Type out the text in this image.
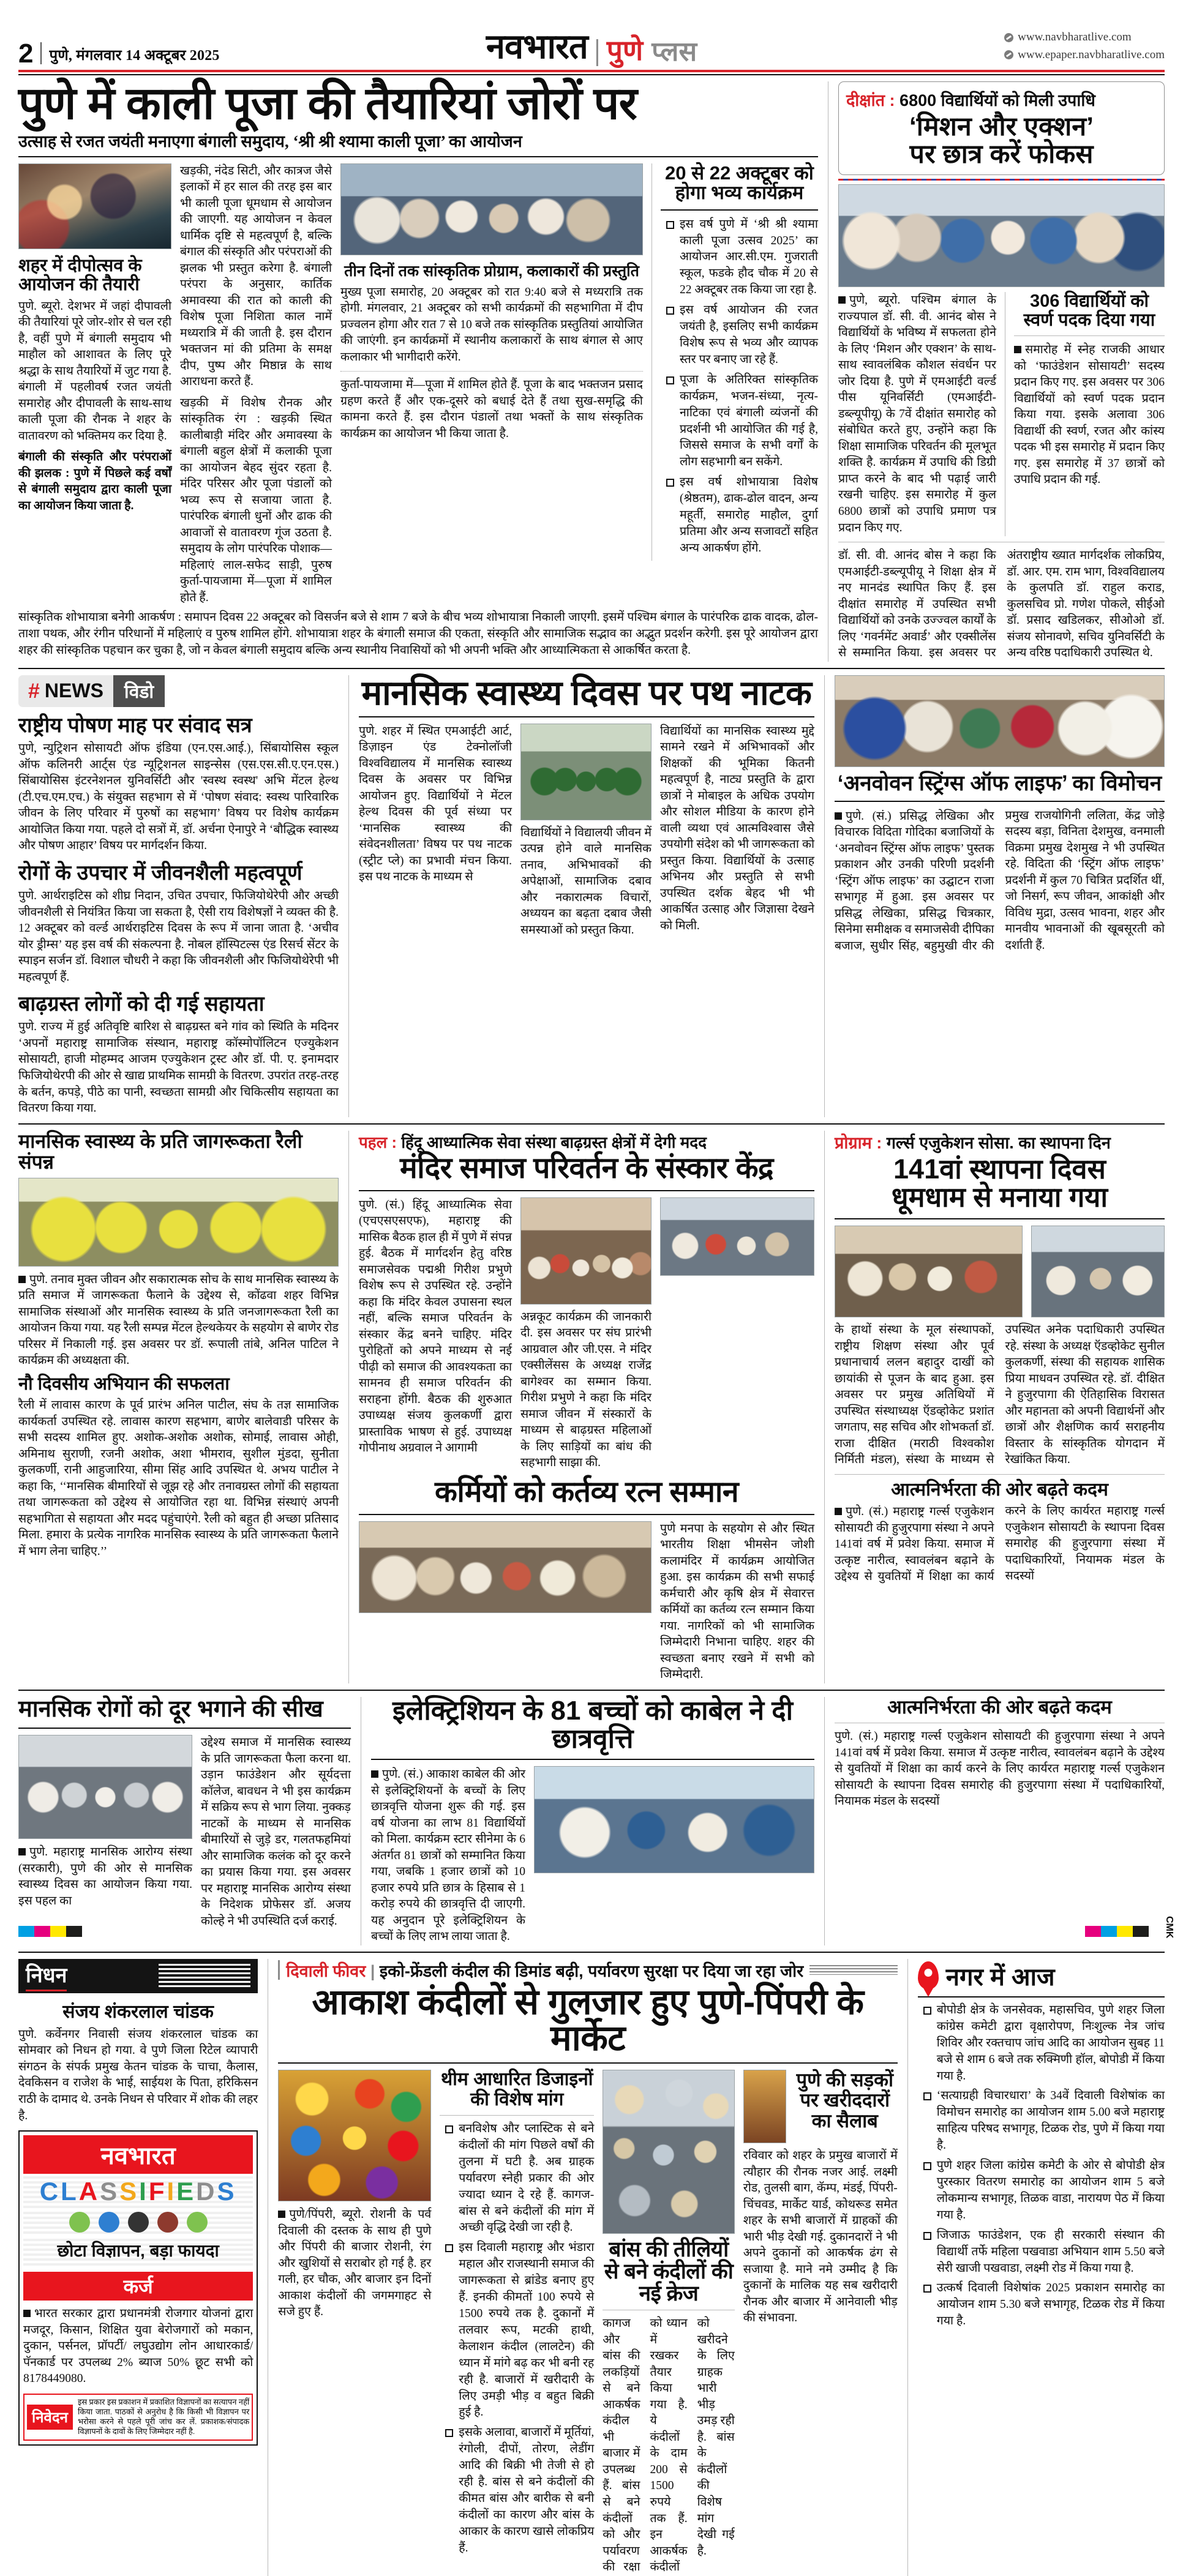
2 पुणे, मंगलवार 14 अक्टूबर 2025	नवभारत पुणे प्लस	www.navbharatlive.com
www.epaper.navbharatlive.com
पुणे में काली पूजा की तैयारियां जोरों पर
उत्साह से रजत जयंती मनाएगा बंगाली समुदाय, ‘श्री श्री श्यामा काली पूजा’ का आयोजन
शहर में दीपोत्सव के आयोजन की तैयारी
पुणे. ब्यूरो. देशभर में जहां दीपावली की तैयारियां पूरे जोर-शोर से चल रही है, वहीं पुणे में बंगाली समुदाय भी माहौल को आशावत के लिए पूरे श्रद्धा के साथ तैयारियों में जुट गया है. बंगाली में पहलीवर्ष रजत जयंती समारोह और दीपावली के साथ-साथ काली पूजा की रौनक ने शहर के वातावरण को भक्तिमय कर दिया है.
बंगाली की संस्कृति और परंपराओं की झलक : पुणे में पिछले कई वर्षों से बंगाली समुदाय द्वारा काली पूजा का आयोजन किया जाता है.
खड़की, नंदेड सिटी, और कात्रज जैसे इलाकों में हर साल की तरह इस बार भी काली पूजा धूमधाम से आयोजन की जाएगी. यह आयोजन न केवल धार्मिक दृष्टि से महत्वपूर्ण है, बल्कि बंगाल की संस्कृति और परंपराओं की झलक भी प्रस्तुत करेगा है. बंगाली परंपरा के अनुसार, कार्तिक अमावस्या की रात को काली की विशेष पूजा निशिता काल नामें मध्यरात्रि में की जाती है. इस दौरान भक्तजन मां की प्रतिमा के समक्ष दीप, पुष्प और मिष्ठान्न के साथ आराधना करते हैं.
खड़की में विशेष रौनक और सांस्कृतिक रंग : खड़की स्थित कालीबाड़ी मंदिर और अमावस्या के बंगाली बहुल क्षेत्रों में कलाकी पूजा का आयोजन बेहद सुंदर रहता है. मंदिर परिसर और पूजा पंडालों को भव्य रूप से सजाया जाता है. पारंपरिक बंगाली धुनों और ढाक की आवाजों से वातावरण गूंज उठता है. समुदाय के लोग पारंपरिक पोशाक—महिलाएं लाल-सफेद साड़ी, पुरुष कुर्ता-पायजामा में—पूजा में शामिल होते हैं.
तीन दिनों तक सांस्कृतिक प्रोग्राम, कलाकारों की प्रस्तुति
मुख्य पूजा समारोह, 20 अक्टूबर को रात 9:40 बजे से मध्यरात्रि तक होगी. मंगलवार, 21 अक्टूबर को सभी कार्यक्रमों की सहभागिता में दीप प्रज्वलन होगा और रात 7 से 10 बजे तक सांस्कृतिक प्रस्तुतियां आयोजित की जाएंगी. इन कार्यक्रमों में स्थानीय कलाकारों के साथ बंगाल से आए कलाकार भी भागीदारी करेंगे.
कुर्ता-पायजामा में—पूजा में शामिल होते हैं. पूजा के बाद भक्तजन प्रसाद ग्रहण करते हैं और एक-दूसरे को बधाई देते हैं तथा सुख-समृद्धि की कामना करते हैं. इस दौरान पंडालों तथा भक्तों के साथ संस्कृतिक कार्यक्रम का आयोजन भी किया जाता है.
20 से 22 अक्टूबर को
होगा भव्य कार्यक्रम
इस वर्ष पुणे में ‘श्री श्री श्यामा काली पूजा उत्सव 2025’ का आयोजन आर.सी.एम. गुजराती स्कूल, फडके हौद चौक में 20 से 22 अक्टूबर तक किया जा रहा है.
इस वर्ष आयोजन की रजत जयंती है, इसलिए सभी कार्यक्रम विशेष रूप से भव्य और व्यापक स्तर पर बनाए जा रहे हैं.
पूजा के अतिरिक्त सांस्कृतिक कार्यक्रम, भजन-संध्या, नृत्य-नाटिका एवं बंगाली व्यंजनों की प्रदर्शनी भी आयोजित की गई है, जिससे समाज के सभी वर्गों के लोग सहभागी बन सकेंगे.
इस वर्ष शोभायात्रा विशेष (श्रेष्ठतम), ढाक-ढोल वादन, अन्य महूर्ती, समारोह माहौल, दुर्गा प्रतिमा और अन्य सजावटों सहित अन्य आकर्षण होंगे.
सांस्कृतिक शोभायात्रा बनेगी आकर्षण : समापन दिवस 22 अक्टूबर को विसर्जन बजे से शाम 7 बजे के बीच भव्य शोभायात्रा निकाली जाएगी. इसमें पश्चिम बंगाल के पारंपरिक ढाक वादक, ढोल-ताशा पथक, और रंगीन परिधानों में महिलाएं व पुरुष शामिल होंगे. शोभायात्रा शहर के बंगाली समाज की एकता, संस्कृति और सामाजिक सद्भाव का अद्भुत प्रदर्शन करेगी. इस पूरे आयोजन द्वारा शहर की सांस्कृतिक पहचान कर चुका है, जो न केवल बंगाली समुदाय बल्कि अन्य स्थानीय निवासियों को भी अपनी भक्ति और आध्यात्मिकता से आकर्षित करता है.
दीक्षांत : 6800 विद्यार्थियों को मिली उपाधि
‘मिशन और एक्शन’
पर छात्र करें फोकस
पुणे, ब्यूरो. पश्चिम बंगाल के राज्यपाल डॉ. सी. वी. आनंद बोस ने विद्यार्थियों के भविष्य में सफलता होने के लिए ‘मिशन और एक्शन’ के साथ-साथ स्वावलंबिक कौशल संवर्धन पर जोर दिया है. पुणे में एमआईटी वर्ल्ड पीस यूनिवर्सिटी (एमआईटी-डब्ल्यूपीयू) के 7वें दीक्षांत समारोह को संबोधित करते हुए, उन्होंने कहा कि शिक्षा सामाजिक परिवर्तन की मूलभूत शक्ति है. कार्यक्रम में उपाधि की डिग्री प्राप्त करने के बाद भी पढ़ाई जारी रखनी चाहिए. इस समारोह में कुल 6800 छात्रों को उपाधि प्रमाण पत्र प्रदान किए गए.
306 विद्यार्थियों को स्वर्ण पदक दिया गया
समारोह में स्नेह राजकी आधार को ‘फाउंडेशन सोसायटी’ सदस्य प्रदान किए गए. इस अवसर पर 306 विद्यार्थियों को स्वर्ण पदक प्रदान किया गया. इसके अलावा 306 विद्यार्थी की स्वर्ण, रजत और कांस्य पदक भी इस समारोह में प्रदान किए गए. इस समारोह में 37 छात्रों को उपाधि प्रदान की गई.
डॉ. सी. वी. आनंद बोस ने कहा कि एमआईटी-डब्ल्यूपीयू ने शिक्षा क्षेत्र में नए मानदंड स्थापित किए हैं. इस दीक्षांत समारोह में उपस्थित सभी विद्यार्थियों को उनके उज्ज्वल कार्यों के लिए ‘गवर्नमेंट अवार्ड’ और एक्सीलेंस से सम्मानित किया. इस अवसर पर अंतराष्ट्रीय ख्यात मार्गदर्शक लोकप्रिय, डॉ. आर. एम. राम भाग, विश्वविद्यालय के कुलपति डॉ. राहुल कराड, कुलसचिव प्रो. गणेश पोकले, सीईओ डॉ. प्रसाद खडिलकर, सीओओ डॉ. संजय सोनावणे, सचिव युनिवर्सिटी के अन्य वरिष्ठ पदाधिकारी उपस्थित थे.
# NEWS	विडो
राष्ट्रीय पोषण माह पर संवाद सत्र
पुणे, न्युट्रिशन सोसायटी ऑफ इंडिया (एन.एस.आई.), सिंबायोसिस स्कूल ऑफ कलिनरी आर्ट्स एंड न्यूट्रिशनल साइन्सेस (एस.एस.सी.ए.एन.एस.) सिंबायोसिस इंटरनेशनल युनिवर्सिटी और 'स्वस्थ स्वस्थ' अभि मेंटल हेल्थ (टी.एच.एम.एच.) के संयुक्त सहभाग से में ‘पोषण संवाद: स्वस्थ पारिवारिक जीवन के लिए परिवार में पुरुषों का सहभाग’ विषय पर विशेष कार्यक्रम आयोजित किया गया. पहले दो सत्रों में, डॉ. अर्चना ऐनापुरे ने ‘बौद्धिक स्वास्थ्य और पोषण आहार’ विषय पर मार्गदर्शन किया.
रोगों के उपचार में जीवनशैली महत्वपूर्ण
पुणे. आर्थराइटिस को शीघ्र निदान, उचित उपचार, फिजियोथेरेपी और अच्छी जीवनशैली से नियंत्रित किया जा सकता है, ऐसी राय विशेषज्ञों ने व्यक्त की है. 12 अक्टूबर को वर्ल्ड आर्थराइटिस दिवस के रूप में जाना जाता है. ‘अचीव योर ड्रीम्स’ यह इस वर्ष की संकल्पना है. नोबल हॉस्पिटल्स एंड रिसर्च सेंटर के स्पाइन सर्जन डॉ. विशाल चौधरी ने कहा कि जीवनशैली और फिजियोथेरेपी भी महत्वपूर्ण हैं.
बाढ़ग्रस्त लोगों को दी गई सहायता
पुणे. राज्य में हुई अतिवृष्टि बारिश से बाढ़ग्रस्त बने गांव को स्थिति के मदिनर ‘अपनों महाराष्ट्र सामाजिक संस्थान, महाराष्ट्र कॉस्मोपॉलिटन एज्युकेशन सोसायटी, हाजी मोहम्मद आजम एज्युकेशन ट्रस्ट और डॉ. पी. ए. इनामदार फिजियोथेरपी की ओर से खाद्य प्राथमिक सामग्री के वितरण. उपरांत तरह-तरह के बर्तन, कपड़े, पीठे का पानी, स्वच्छता सामग्री और चिकित्सीय सहायता का वितरण किया गया.
मानसिक स्वास्थ्य दिवस पर पथ नाटक
पुणे. शहर में स्थित एमआईटी आर्ट, डिज़ाइन एंड टेक्नोलॉजी विश्वविद्यालय में मानसिक स्वास्थ्य दिवस के अवसर पर विभिन्न आयोजन हुए. विद्यार्थियों ने मेंटल हेल्थ दिवस की पूर्व संध्या पर ‘मानसिक स्वास्थ्य की संवेदनशीलता’ विषय पर पथ नाटक (स्ट्रीट प्ले) का प्रभावी मंचन किया. इस पथ नाटक के माध्यम से
विद्यार्थियों ने विद्यालयी जीवन में उत्पन्न होने वाले मानसिक तनाव, अभिभावकों की अपेक्षाओं, सामाजिक दबाव और नकारात्मक विचारों, अध्ययन का बढ़ता दबाव जैसी समस्याओं को प्रस्तुत किया.
विद्यार्थियों का मानसिक स्वास्थ्य मुद्दे सामने रखने में अभिभावकों और शिक्षकों की भूमिका कितनी महत्वपूर्ण है, नाट्य प्रस्तुति के द्वारा छात्रों ने मोबाइल के अधिक उपयोग और सोशल मीडिया के कारण होने वाली व्यथा एवं आत्मविश्वास जैसे उपयोगी संदेश को भी जागरूकता को प्रस्तुत किया. विद्यार्थियों के उत्साह अभिनय और प्रस्तुति से सभी उपस्थित दर्शक बेहद भी भी आकर्षित उत्साह और जिज्ञासा देखने को मिली.
‘अनवोवन स्ट्रिंग्स ऑफ लाइफ’ का विमोचन
पुणे. (सं.) प्रसिद्ध लेखिका और विचारक विदिता गोदिका बजाजियों के ‘अनवोवन स्ट्रिंग्स ऑफ लाइफ’ पुस्तक प्रकाशन और उनकी परिणी प्रदर्शनी ‘स्ट्रिंग ऑफ लाइफ’ का उद्घाटन राजा सभागृह में हुआ. इस अवसर पर प्रसिद्ध लेखिका, प्रसिद्ध चित्रकार, सिनेमा समीक्षक व समाजसेवी दीपिका बजाज, सुधीर सिंह, बहुमुखी वीर की प्रमुख राजयोगिनी ललिता, केंद्र जोड़े सदस्य बड़ा, विनिता देशमुख, वनमाली विक्रमा प्रमुख देशमुख ने भी उपस्थित रहे. विदिता की ‘स्ट्रिंग ऑफ लाइफ’ प्रदर्शनी में कुल 70 चित्रित प्रदर्शित थीं, जो निसर्ग, रूप जीवन, आकांक्षी और विविध मुद्रा, उत्सव भावना, शहर और मानवीय भावनाओं की खूबसूरती को दर्शाती हैं.
मानसिक स्वास्थ्य के प्रति जागरूकता रैली संपन्न
पुणे. तनाव मुक्त जीवन और सकारात्मक सोच के साथ मानसिक स्वास्थ्य के प्रति समाज में जागरूकता फैलाने के उद्देश्य से, कोंढवा शहर विभिन्न सामाजिक संस्थाओं और मानसिक स्वास्थ्य के प्रति जनजागरूकता रैली का आयोजन किया गया. यह रैली सम्पन्न मेंटल हेल्थकेयर के सहयोग से बाणेर रोड परिसर में निकाली गई. इस अवसर पर डॉ. रूपाली तांबे, अनिल पाटिल ने कार्यक्रम की अध्यक्षता की.
नौ दिवसीय अभियान की सफलता
रैली में लावास कारण के पूर्व प्रारंभ अनिल पाटील, संघ के तज्ञ सामाजिक कार्यकर्ता उपस्थित रहे. लावास कारण सहभाग, बाणेर बालेवाडी परिसर के सभी सदस्य शामिल हुए. अशोक-अशोक अशोक, सोमाई, लावास ओही, अमिनाथ सुराणी, रजनी अशोक, अशा भीमराव, सुशील मुंडदा, सुनीता कुलकर्णी, रानी आहुजारिया, सीमा सिंह आदि उपस्थित थे. अभय पाटील ने कहा कि, ‘‘मानसिक बीमारियों से जूझ रहे और तनावग्रस्त लोगों की सहायता तथा जागरूकता को उद्देश्य से आयोजित रहा था. विभिन्न संस्थाएं अपनी सहभागिता से सहायता और मदद पहुंचाएंगे. रैली को बहुत ही अच्छा प्रतिसाद मिला. हमारा के प्रत्येक नागरिक मानसिक स्वास्थ्य के प्रति जागरूकता फैलाने में भाग लेना चाहिए.’’
पहल : हिंदू आध्यात्मिक सेवा संस्था बाढ़ग्रस्त क्षेत्रों में देगी मदद
मंदिर समाज परिवर्तन के संस्कार केंद्र
पुणे. (सं.) हिंदू आध्यात्मिक सेवा (एचएसएसएफ), महाराष्ट्र की मासिक बैठक हाल ही में पुणे में संपन्न हुई. बैठक में मार्गदर्शन हेतु वरिष्ठ समाजसेवक पद्मश्री गिरीश प्रभुणे विशेष रूप से उपस्थित रहे. उन्होंने कहा कि मंदिर केवल उपासना स्थल नहीं, बल्कि समाज परिवर्तन के संस्कार केंद्र बनने चाहिए. मंदिर पुरोहितों को अपने माध्यम से नई पीढ़ी को समाज की आवश्यकता का सामनव ही समाज परिवर्तन की सराहना होंगी. बैठक की शुरुआत उपाध्यक्ष संजय कुलकर्णी द्वारा प्रास्ताविक भाषण से हुई. उपाध्यक्ष गोपीनाथ अग्रवाल ने आगामी
अन्नकूट कार्यक्रम की जानकारी दी. इस अवसर पर संघ प्रारंभी आग्रवाल और जी.एस. ने मंदिर एक्सीलेंसस के अध्यक्ष राजेंद्र बागेश्वर का सम्मान किया. गिरीश प्रभुणे ने कहा कि मंदिर समाज जीवन में संस्कारों के माध्यम से बाढ़ग्रस्त महिलाओं के लिए साड़ियों का बांध की सहभागी साझा की.
कर्मियों को कर्तव्य रत्न सम्मान
पुणे मनपा के सहयोग से और स्थित भारतीय शिक्षा भीमसेन जोशी कलामंदिर में कार्यक्रम आयोजित हुआ. इस कार्यक्रम की सभी सफाई कर्मचारी और कृषि क्षेत्र में सेवारत्त कर्मियों का कर्तव्य रत्न सम्मान किया गया. नागरिकों को भी सामाजिक जिम्मेदारी निभाना चाहिए. शहर की स्वच्छता बनाए रखने में सभी को जिम्मेदारी.
प्रोग्राम : गर्ल्स एजुकेशन सोसा. का स्थापना दिन
141वां स्थापना दिवस
धूमधाम से मनाया गया
के हाथों संस्था के मूल संस्थापकों, राष्ट्रीय शिक्षण संस्था और पूर्व प्रधानाचार्य ललन बहादुर दाखीं को छायांकी से पूजन के बाद हुआ. इस अवसर पर प्रमुख अतिथियों में उपस्थित संस्थाध्यक्ष ऍडव्होकेट प्रशांत जगताप, सह सचिव और शोभकर्ता डॉ. राजा दीक्षित (मराठी विश्वकोश निर्मिती मंडल), संस्था के माध्यम से उपस्थित अनेक पदाधिकारी उपस्थित रहे. संस्था के अध्यक्ष ऍडव्होकेट सुनील कुलकर्णी, संस्था की सहायक शासिक प्रिया माधवन उपस्थित रहे. डॉ. दीक्षित ने हुजुरपागा की ऐतिहासिक विरासत और महानता को अपनी विद्यार्थनों और छात्रों और शैक्षणिक कार्य सराहनीय विस्तार के सांस्कृतिक योगदान में रेखांकित किया.
आत्मनिर्भरता की ओर बढ़ते कदम
पुणे. (सं.) महाराष्ट्र गर्ल्स एजुकेशन सोसायटी की हुजुरपागा संस्था ने अपने 141वां वर्ष में प्रवेश किया. समाज में उत्कृष्ट नारीत्व, स्वावलंबन बढ़ाने के उद्देश्य से युवतियों में शिक्षा का कार्य करने के लिए कार्यरत महाराष्ट्र गर्ल्स एजुकेशन सोसायटी के स्थापना दिवस समारोह की हुजुरपागा संस्था में पदाधिकारियों, नियामक मंडल के सदस्यों
मानसिक रोगों को दूर भगाने की सीख
पुणे. महाराष्ट्र मानसिक आरोग्य संस्था (सरकारी), पुणे की ओर से मानसिक स्वास्थ्य दिवस का आयोजन किया गया. इस पहल का
उद्देश्य समाज में मानसिक स्वास्थ्य के प्रति जागरूकता फैला करना था. उड़ान फाउंडेशन और सूर्यदत्ता कॉलेज, बावधन ने भी इस कार्यक्रम में सक्रिय रूप से भाग लिया. नुक्कड़ नाटकों के माध्यम से मानसिक बीमारियों से जुड़े डर, गलतफहमियां और सामाजिक कलंक को दूर करने का प्रयास किया गया. इस अवसर पर महाराष्ट्र मानसिक आरोग्य संस्था के निदेशक प्रोफेसर डॉ. अजय कोल्हे ने भी उपस्थिति दर्ज कराई.
इलेक्ट्रिशियन के 81 बच्चों को काबेल ने दी छात्रवृत्ति
पुणे. (सं.) आकाश काबेल की ओर से इलेक्ट्रिशियनों के बच्चों के लिए छात्रवृत्ति योजना शुरू की गई. इस वर्ष योजना का लाभ 81 विद्यार्थियों को मिला. कार्यक्रम स्टार सीनेमा के 6 अंतर्गत 81 छात्रों को सम्मानित किया गया, जबकि 1 हजार छात्रों को 10 हजार रुपये प्रति छात्र के हिसाब से 1 करोड़ रुपये की छात्रवृत्ति दी जाएगी. यह अनुदान पूरे इलेक्ट्रिशियन के बच्चों के लिए लाभ लाया जाता है.
आत्मनिर्भरता की ओर बढ़ते कदम
पुणे. (सं.) महाराष्ट्र गर्ल्स एजुकेशन सोसायटी की हुजुरपागा संस्था ने अपने 141वां वर्ष में प्रवेश किया. समाज में उत्कृष्ट नारीत्व, स्वावलंबन बढ़ाने के उद्देश्य से युवतियों में शिक्षा का कार्य करने के लिए कार्यरत महाराष्ट्र गर्ल्स एजुकेशन सोसायटी के स्थापना दिवस समारोह की हुजुरपागा संस्था में पदाधिकारियों, नियामक मंडल के सदस्यों
निधन
संजय शंकरलाल चांडक
पुणे. कर्वेनगर निवासी संजय शंकरलाल चांडक का सोमवार को निधन हो गया. वे पुणे जिला रिटेल व्यापारी संगठन के संपर्क प्रमुख केतन चांडक के चाचा, कैलास, देवकिसन व राजेश के भाई, साईयश के पिता, हरिकिसन राठी के दामाद थे. उनके निधन से परिवार में शोक की लहर है.
नवभारत
CLASSIFIEDS
छोटा विज्ञापन, बड़ा फायदा
कर्ज
भारत सरकार द्वारा प्रधानमंत्री रोजगार योजनां द्वारा मजदूर, किसान, शिक्षित युवा बेरोजगारों को मकान, दुकान, पर्सनल, प्रॉपर्टी/ लघुउद्योग लोन आधारकार्ड/ पॅनकार्ड पर उपलब्ध 2% ब्याज 50% छूट सभी को 8178449080.
निवेदन
इस प्रकार इस प्रकाशन में प्रकाशित विज्ञापनों का सत्यापन नहीं किया जाता. पाठकों से अनुरोध है कि किसी भी विज्ञापन पर भरोसा करने से पहले पूरी जांच कर लें. प्रकाशक/संपादक विज्ञापनों के दावों के लिए जिम्मेदार नहीं है.
दिवाली फीवर | इको-फ्रेंडली कंदील की डिमांड बढ़ी, पर्यावरण सुरक्षा पर दिया जा रहा जोर
आकाश कंदीलों से गुलजार हुए पुणे-पिंपरी के मार्केट
पुणे/पिंपरी, ब्यूरो. रोशनी के पर्व दिवाली की दस्तक के साथ ही पुणे और पिंपरी की बाजार रोशनी, रंग और खुशियों से सराबोर हो गई है. हर गली, हर चौक, और बाजार इन दिनों आकाश कंदीलों की जगमगाहट से सजे हुए हैं.
थीम आधारित डिजाइनों की विशेष मांग
बनविशेष और प्लास्टिक से बने कंदीलों की मांग पिछले वर्षों की तुलना में घटी है. अब ग्राहक पर्यावरण स्नेही प्रकार की ओर ज्यादा ध्यान दे रहे हैं. कागज-बांस से बने कंदीलों की मांग में अच्छी वृद्धि देखी जा रही है.
इस दिवाली महाराष्ट्र और भंडारा महाल और राजस्थानी समाज की जागरूकता से ब्रांडेड बनाए हुए हैं. इनकी कीमतों 100 रुपये से 1500 रुपये तक है. दुकानों में तलवार रूप, मटकी हाथी, केलाशन कंदील (लालटेन) की ध्यान में मांगे बढ़ कर भी बनी रह रही है. बाजारों में खरीदारी के लिए उमड़ी भीड़ व बहुत बिक्री हुई है.
इसके अलावा, बाजारों में मूर्तियां, रंगोली, दीपों, तोरण, लेडींग आदि की बिक्री भी तेजी से हो रही है. बांस से बने कंदीलों की कीमत बांस और बारीक से बनी कंदीलों का कारण और बांस के आकार के कारण खासे लोकप्रिय हैं.
बांस की तीलियों से बने कंदीलों की नई क्रेज
कागज और बांस की लकड़ियों से बने आकर्षक कंदील भी बाजार में उपलब्ध हैं. बांस से बने कंदीलों को और पर्यावरण की रक्षा को ध्यान में रखकर तैयार किया गया है. ये कंदीलों के दाम 200 से 1500 रुपये तक हैं. इन आकर्षक कंदीलों को खरीदने के लिए ग्राहक भारी भीड़ उमड़ रही है. बांस के कंदीलों की विशेष मांग देखी गई है.
पुणे की सड़कों पर खरीददारों का सैलाब
रविवार को शहर के प्रमुख बाजारों में त्यौहार की रौनक नजर आई. लक्ष्मी रोड, तुलसी बाग, कॅम्प, मंडई, पिंपरी-चिंचवड, मार्केट यार्ड, कोथरूड समेत शहर के सभी बाजारों में ग्राहकों की भारी भीड़ देखी गई. दुकानदारों ने भी अपने दुकानों को आकर्षक ढंग से सजाया है. माने नमे उम्मीद है कि दुकानों के मालिक यह सब खरीदारी रौनक और बाजार में आनेवाली भीड़ की संभावना.
नगर में आज
बोपोडी क्षेत्र के जनसेवक, महासचिव, पुणे शहर जिला कांग्रेस कमेटी द्वारा वृक्षारोपण, निःशुल्क नेत्र जांच शिविर और रक्तचाप जांच आदि का आयोजन सुबह 11 बजे से शाम 6 बजे तक रुक्मिणी हॉल, बोपोडी में किया गया है.
‘सत्याग्रही विचारधारा’ के 34वें दिवाली विशेषांक का विमोचन समारोह का आयोजन शाम 5.00 बजे महाराष्ट्र साहित्य परिषद सभागृह, टिळक रोड, पुणे में किया गया है.
पुणे शहर जिला कांग्रेस कमेटी के ओर से बोपोडी क्षेत्र पुरस्कार वितरण समारोह का आयोजन शाम 5 बजे लोकमान्य सभागृह, तिळक वाडा, नारायण पेठ में किया गया है.
जिजाऊ फाउंडेशन, एक ही सरकारी संस्थान की विद्यार्थी तर्फे महिला पखवाडा अभियान शाम 5.50 बजे सेरी खाजी पखवाडा, लक्ष्मी रोड में किया गया है.
उत्कर्ष दिवाली विशेषांक 2025 प्रकाशन समारोह का आयोजन शाम 5.30 बजे सभागृह, टिळक रोड में किया गया है.
CMK
